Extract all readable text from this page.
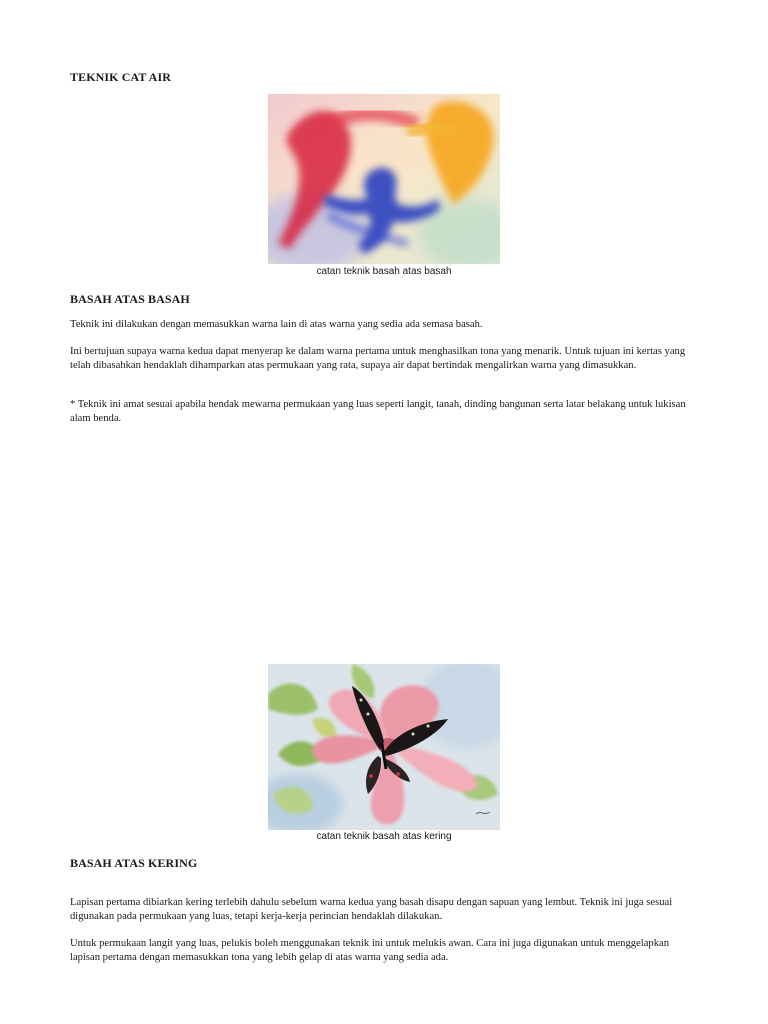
TEKNIK CAT AIR

catan teknik basah atas basah

BASAH ATAS BASAH

Teknik ini dilakukan dengan memasukkan warna lain di atas warna yang sedia ada semasa basah.

Ini bertujuan supaya warna kedua dapat menyerap ke dalam warna pertama untuk menghasilkan tona yang menarik. Untuk tujuan ini kertas yang telah dibasahkan hendaklah dihamparkan atas permukaan yang rata, supaya air dapat bertindak mengalirkan warna yang dimasukkan.

* Teknik ini amat sesuai apabila hendak mewarna permukaan yang luas seperti langit, tanah, dinding bangunan serta latar belakang untuk lukisan alam benda.

catan teknik basah atas kering

BASAH ATAS KERING

Lapisan pertama dibiarkan kering terlebih dahulu sebelum warna kedua yang basah disapu dengan sapuan yang lembut. Teknik ini juga sesuai digunakan pada permukaan yang luas, tetapi kerja-kerja perincian hendaklah dilakukan.

Untuk permukaan langit yang luas, pelukis boleh menggunakan teknik ini untuk melukis awan. Cara ini juga digunakan untuk menggelapkan lapisan pertama dengan memasukkan tona yang lebih gelap di atas warna yang sedia ada.
